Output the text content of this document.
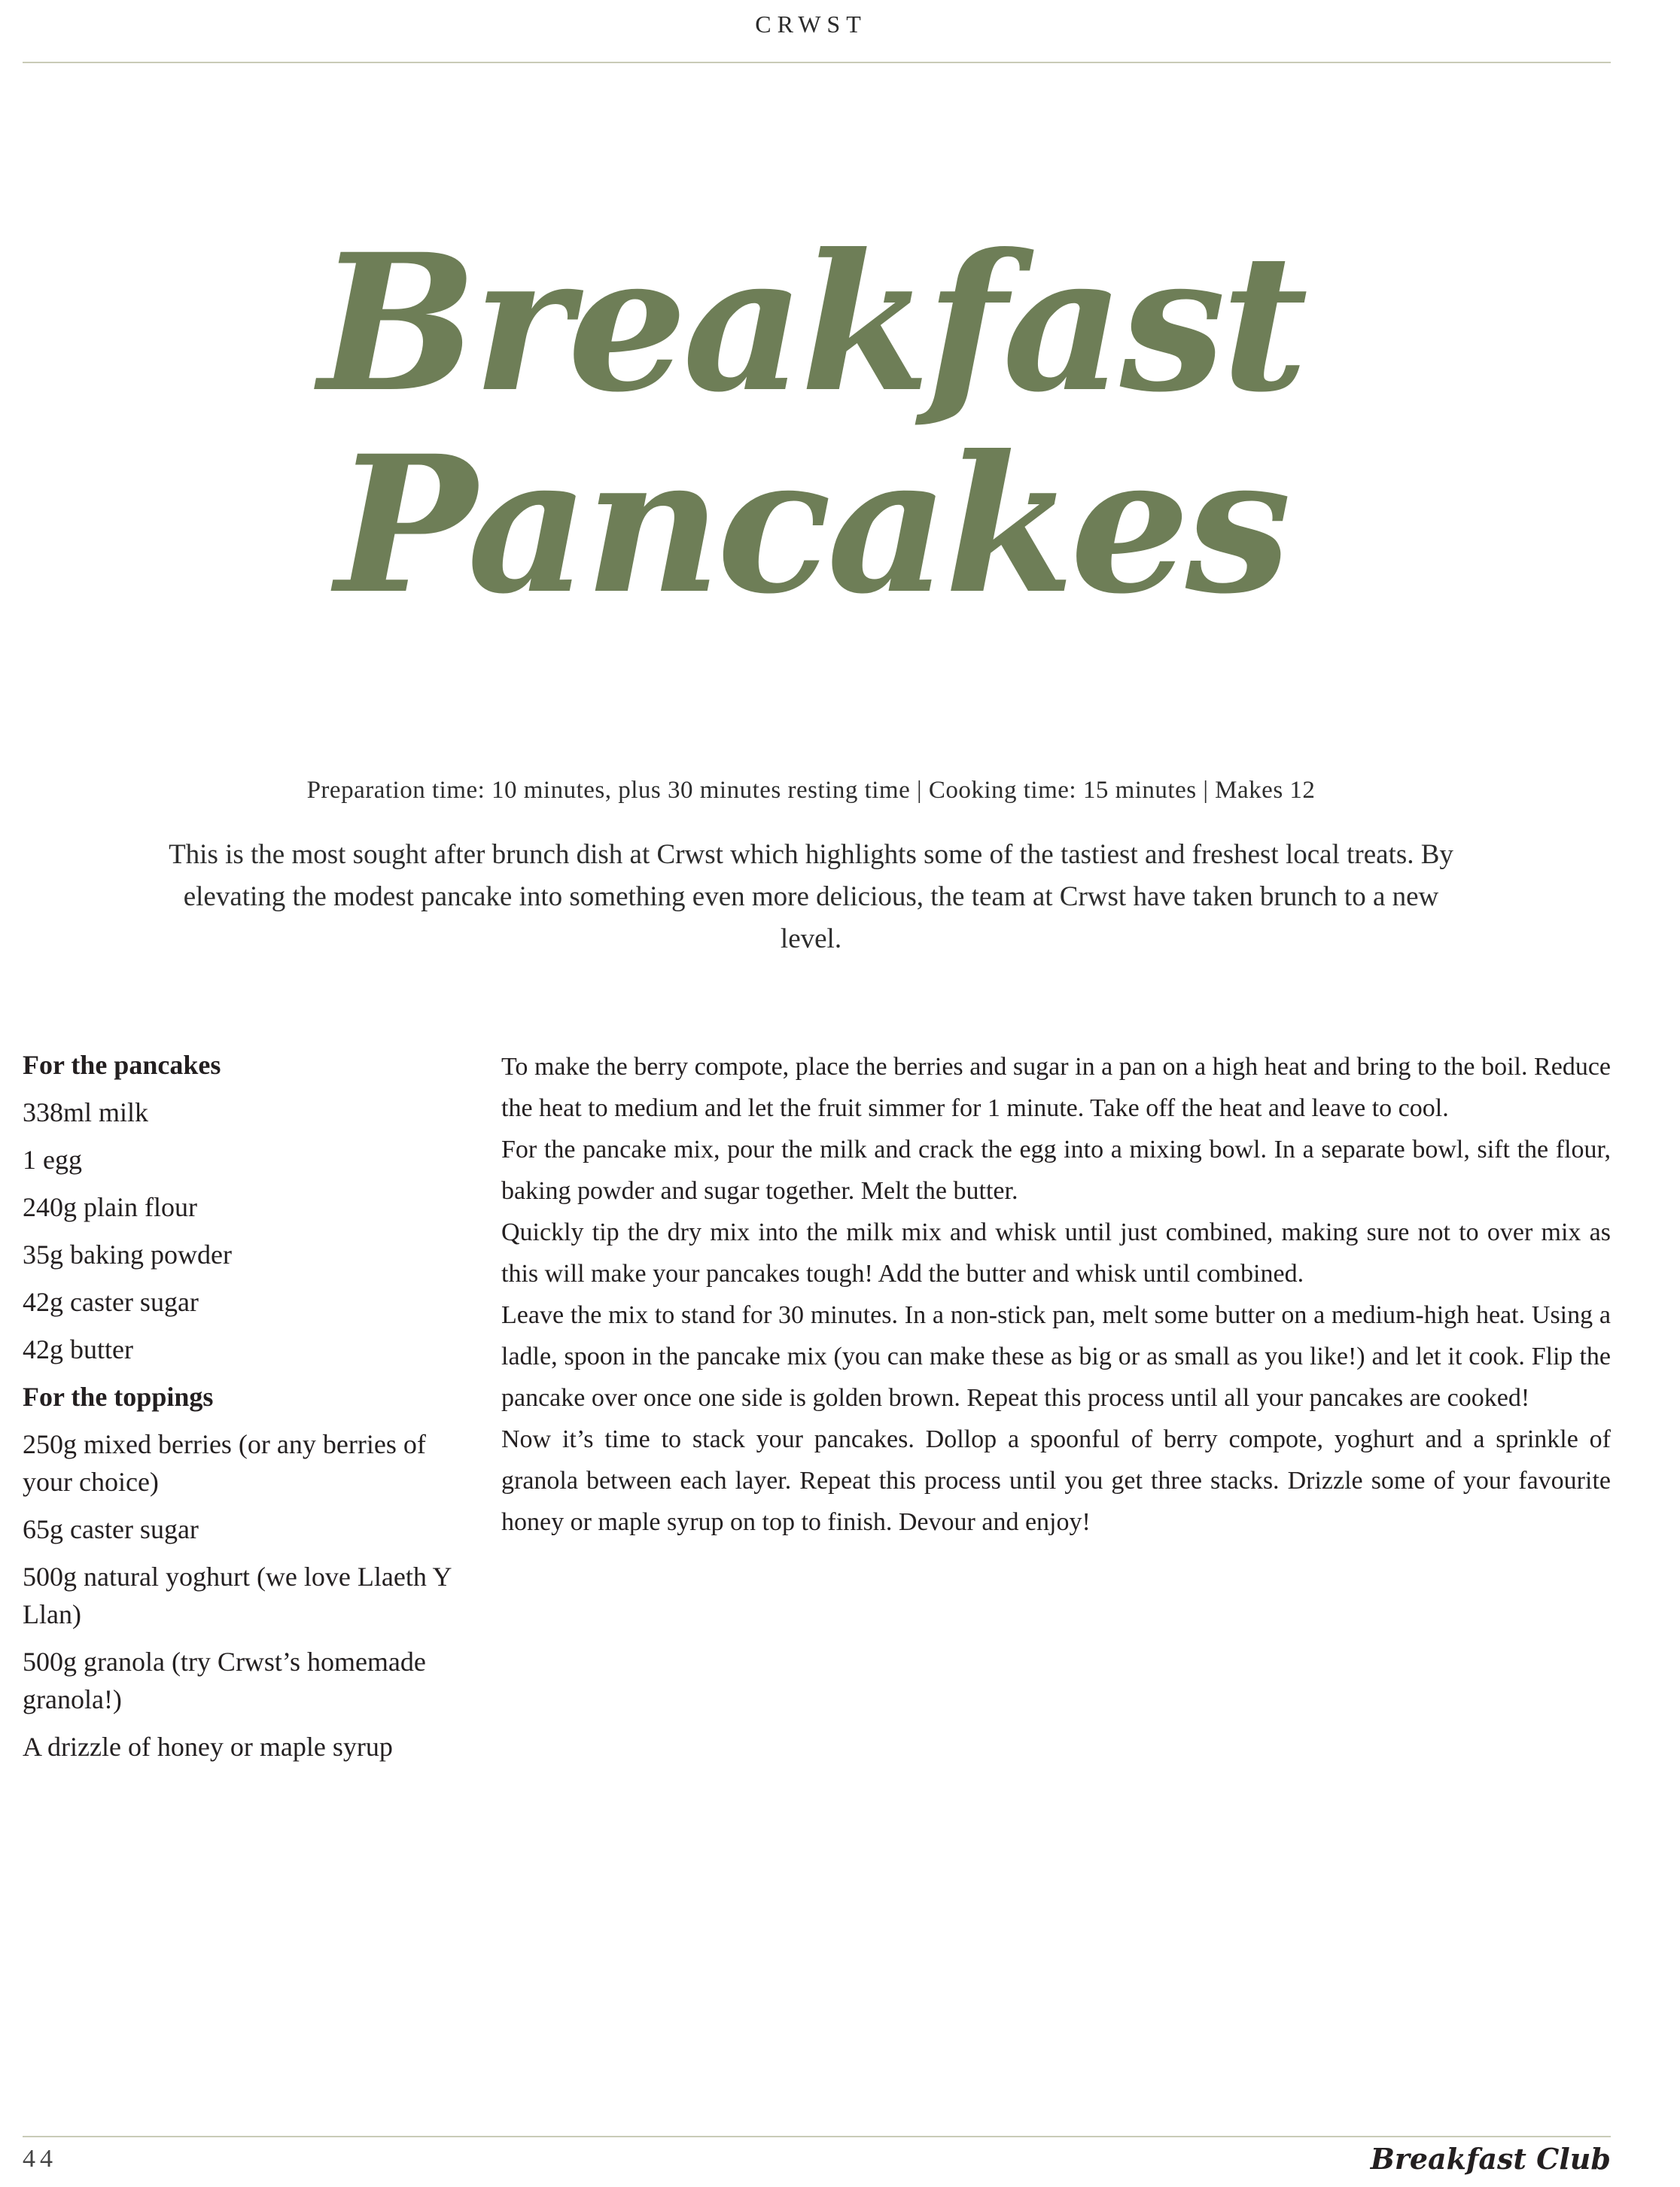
CRWST
Breakfast
Pancakes
Preparation time: 10 minutes, plus 30 minutes resting time | Cooking time: 15 minutes | Makes 12
This is the most sought after brunch dish at Crwst which highlights some of the tastiest and freshest local treats. By elevating the modest pancake into something even more delicious, the team at Crwst have taken brunch to a new level.
For the pancakes
338ml milk
1 egg
240g plain flour
35g baking powder
42g caster sugar
42g butter
For the toppings
250g mixed berries (or any berries of your choice)
65g caster sugar
500g natural yoghurt (we love Llaeth Y Llan)
500g granola (try Crwst’s homemade granola!)
A drizzle of honey or maple syrup

To make the berry compote, place the berries and sugar in a pan on a high heat and bring to the boil. Reduce the heat to medium and let the fruit simmer for 1 minute. Take off the heat and leave to cool.

For the pancake mix, pour the milk and crack the egg into a mixing bowl. In a separate bowl, sift the flour, baking powder and sugar together. Melt the butter.

Quickly tip the dry mix into the milk mix and whisk until just combined, making sure not to over mix as this will make your pancakes tough! Add the butter and whisk until combined.

Leave the mix to stand for 30 minutes. In a non-stick pan, melt some butter on a medium-high heat. Using a ladle, spoon in the pancake mix (you can make these as big or as small as you like!) and let it cook. Flip the pancake over once one side is golden brown. Repeat this process until all your pancakes are cooked!

Now it’s time to stack your pancakes. Dollop a spoonful of berry compote, yoghurt and a sprinkle of granola between each layer. Repeat this process until you get three stacks. Drizzle some of your favourite honey or maple syrup on top to finish. Devour and enjoy!

44	Breakfast Club
